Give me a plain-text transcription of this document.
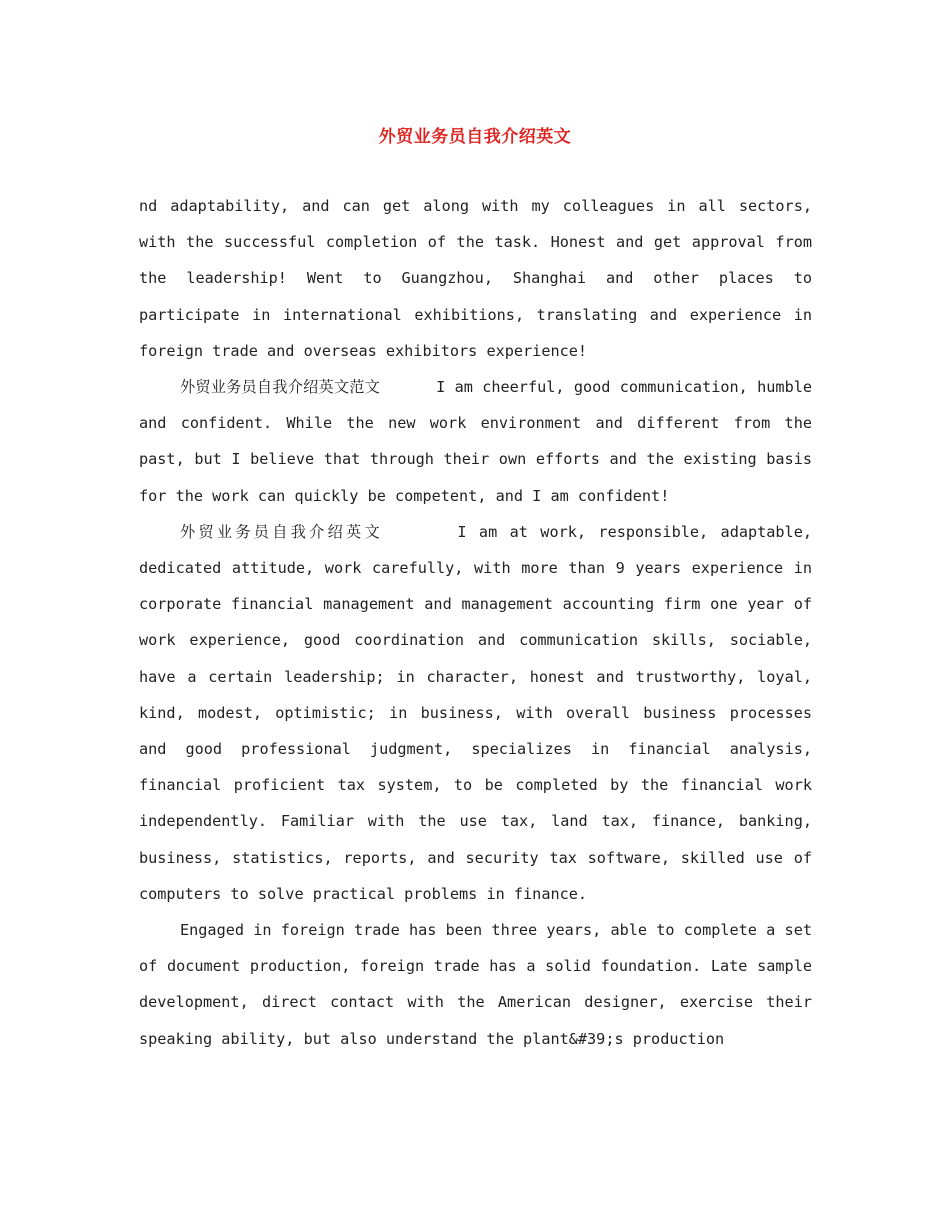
外贸业务员自我介绍英文

nd adaptability, and can get along with my colleagues in all sectors, with the successful completion of the task. Honest and get approval from the leadership! Went to Guangzhou, Shanghai and other places to participate in international exhibitions, translating and experience in foreign trade and overseas exhibitors experience!

外贸业务员自我介绍英文范文	I am cheerful, good communication, humble and confident. While the new work environment and different from the past, but I believe that through their own efforts and the existing basis for the work can quickly be competent, and I am confident!

外贸业务员自我介绍英文	I am at work, responsible, adaptable, dedicated attitude, work carefully, with more than 9 years experience in corporate financial management and management accounting firm one year of work experience, good coordination and communication skills, sociable, have a certain leadership; in character, honest and trustworthy, loyal, kind, modest, optimistic; in business, with overall business processes and good professional judgment, specializes in financial analysis, financial proficient tax system, to be completed by the financial work independently. Familiar with the use tax, land tax, finance, banking, business, statistics, reports, and security tax software, skilled use of computers to solve practical problems in finance.

Engaged in foreign trade has been three years, able to complete a set of document production, foreign trade has a solid foundation. Late sample development, direct contact with the American designer, exercise their speaking ability, but also understand the plant&#39;s production
